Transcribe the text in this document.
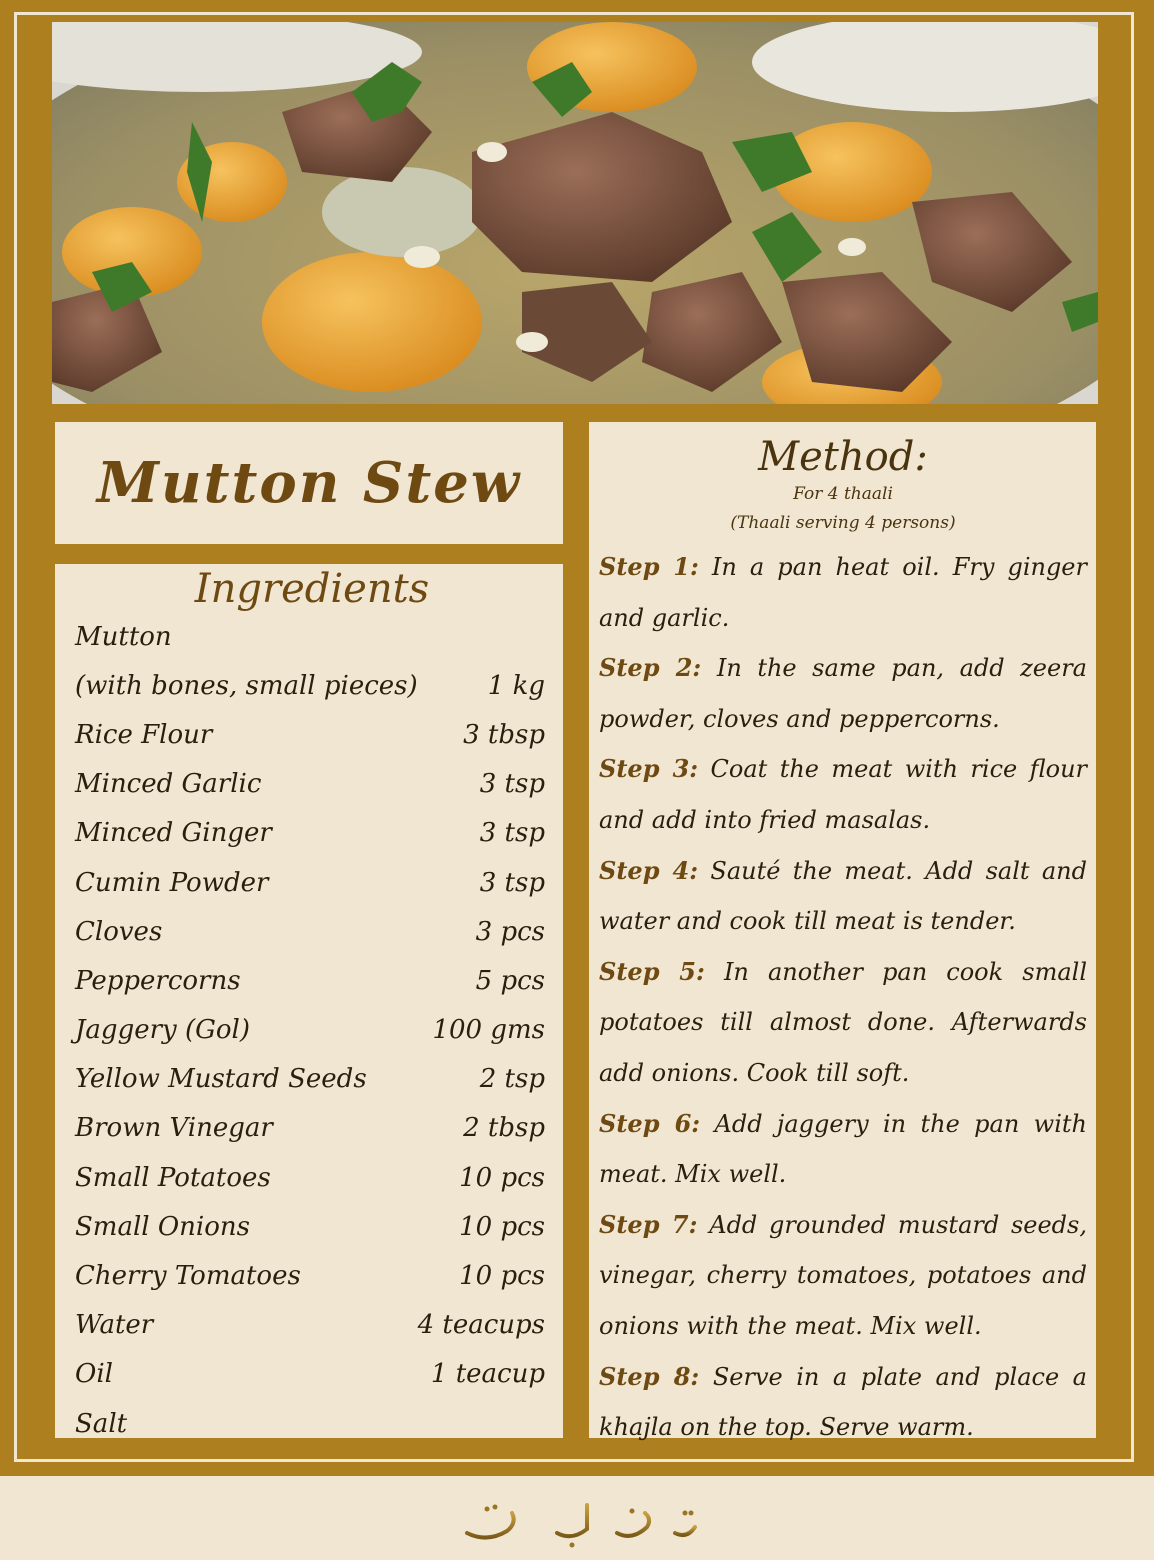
Mutton Stew
Ingredients
Mutton
(with bones, small pieces)	1 kg
Rice Flour	3 tbsp
Minced Garlic	3 tsp
Minced Ginger	3 tsp
Cumin Powder	3 tsp
Cloves	3 pcs
Peppercorns	5 pcs
Jaggery (Gol)	100 gms
Yellow Mustard Seeds	2 tsp
Brown Vinegar	2 tbsp
Small Potatoes	10 pcs
Small Onions	10 pcs
Cherry Tomatoes	10 pcs
Water	4 teacups
Oil	1 teacup
Salt
Method:
For 4 thaali
(Thaali serving 4 persons)
Step 1: In a pan heat oil. Fry ginger and garlic.
Step 2: In the same pan, add zeera powder, cloves and peppercorns.
Step 3: Coat the meat with rice flour and add into fried masalas.
Step 4: Sauté the meat. Add salt and water and cook till meat is tender.
Step 5: In another pan cook small potatoes till almost done. Afterwards add onions. Cook till soft.
Step 6: Add jaggery in the pan with meat. Mix well.
Step 7: Add grounded mustard seeds, vinegar, cherry tomatoes, potatoes and onions with the meat. Mix well.
Step 8: Serve in a plate and place a khajla on the top. Serve warm.
